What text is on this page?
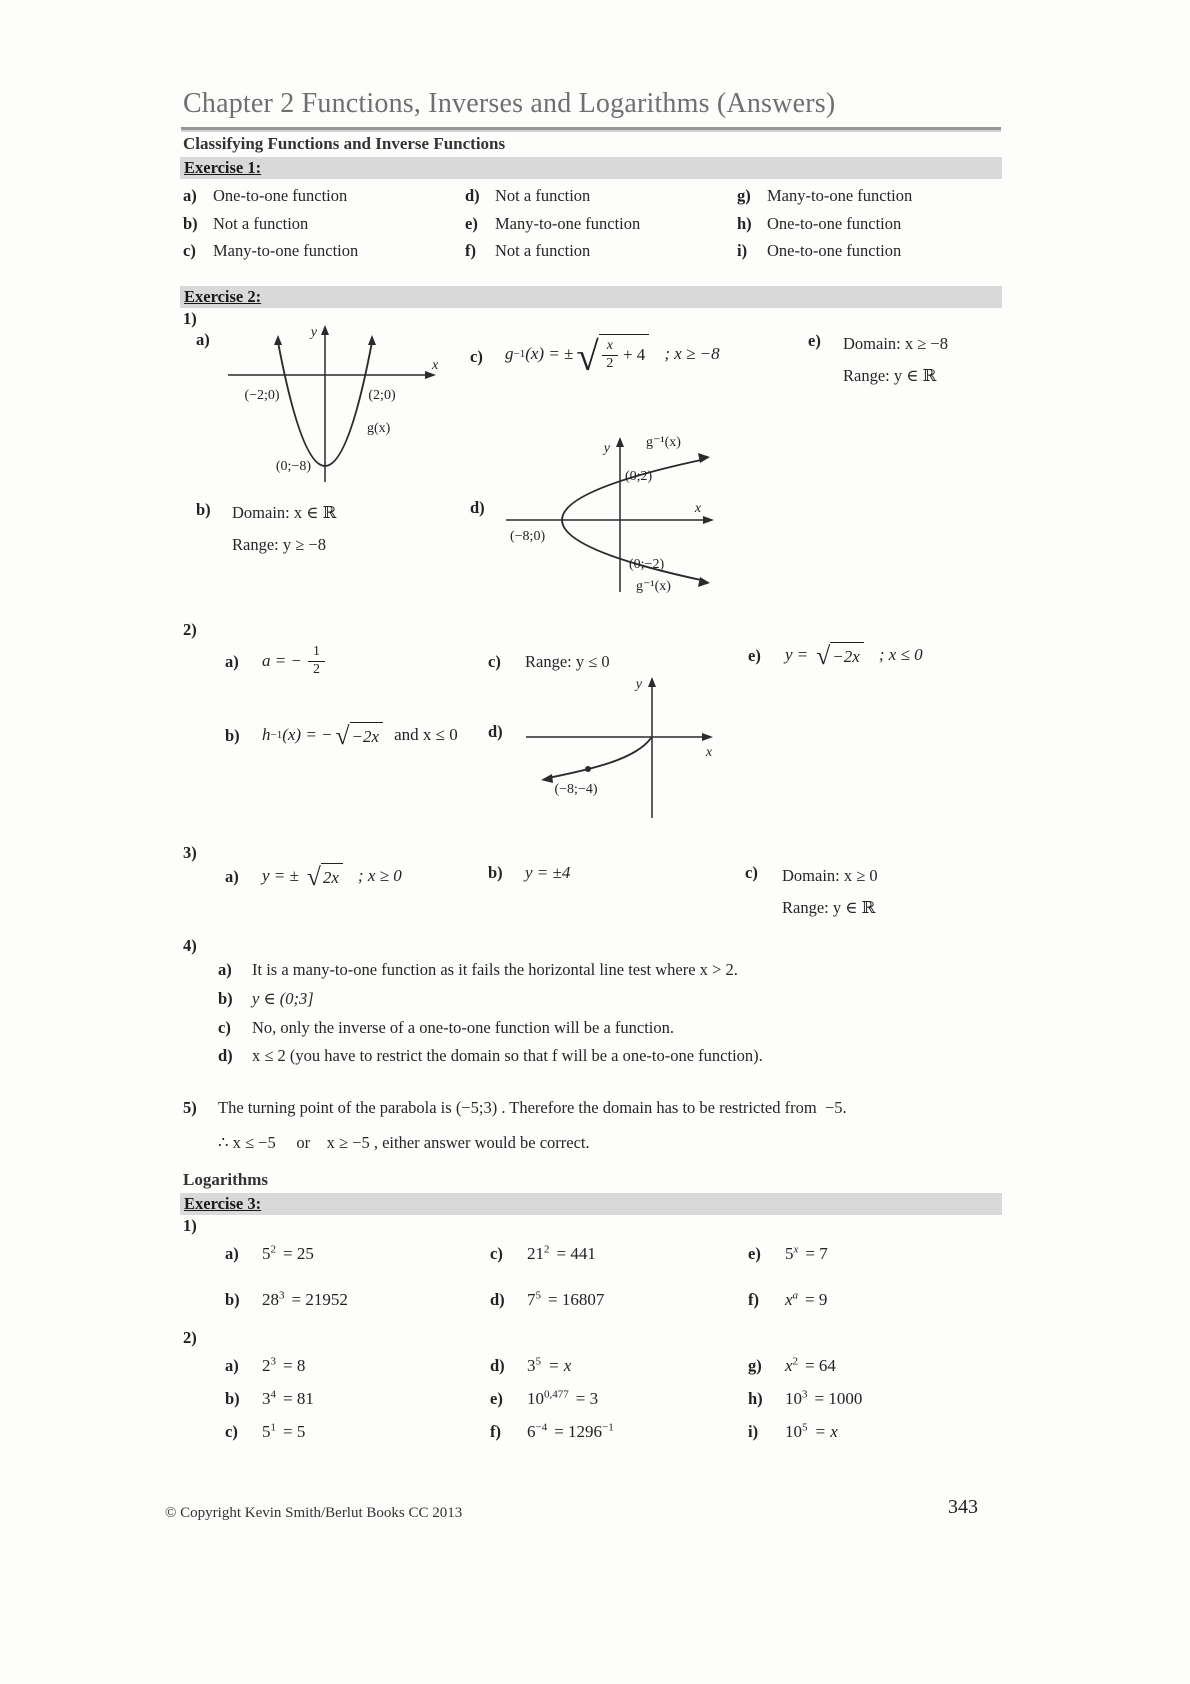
Chapter 2 Functions, Inverses and Logarithms (Answers)
Classifying Functions and Inverse Functions
Exercise 1:
a) One-to-one function
b) Not a function
c) Many-to-one function
d) Not a function
e) Many-to-one function
f) Not a function
g) Many-to-one function
h) One-to-one function
i) One-to-one function
Exercise 2:
1)
a)	y
x
(−2;0)	(2;0)
g(x)
(0;−8)
c) g −1 (x) = ± √ $\frac{x}{2} + 4$ ; x ≥ −8
e) Domain: x ≥ −8
Range: y ∈ ℝ
b) Domain: x ∈ ℝ
Range: y ≥ −8
d)
g⁻¹(x)
y
(0;2)
x
(−8;0)
(0;−2)
g⁻¹(x)
2)
a) a = − $\frac{1}{2}$	c) Range: y ≤ 0	e) y = √ −2x ; x ≤ 0
b) h −1 (x) = − √ −2x and x ≤ 0 d)
y
x
(−8;−4)
3)
a) y = ± √ 2x ; x ≥ 0	b) y = ±4	c) Domain: x ≥ 0
Range: y ∈ ℝ
4)
a) It is a many-to-one function as it fails the horizontal line test where x > 2.
b) y ∈ (0;3]
c) No, only the inverse of a one-to-one function will be a function.
d) x ≤ 2 (you have to restrict the domain so that f will be a one-to-one function).
5) The turning point of the parabola is (−5;3) . Therefore the domain has to be restricted from  −5.
∴ x ≤ −5     or    x ≥ −5 , either answer would be correct.
Logarithms
Exercise 3:
1)
a)	$5^2 = 25$
b)	$28^3 = 21952$
c)	$21^2 = 441$
d)	$7^5 = 16807$
e)	$5^x = 7$
f)	$x^a = 9$
2)
a)	$2^3 = 8$
b)	$3^4 = 81$
c)	$5^1 = 5$
d)	$3^5 = x$
e)	$10^{0,477} = 3$
f)	$6^{-4} = 1296^{-1}$
g)	$x^2 = 64$
h)	$10^3 = 1000$
i)	$10^5 = x$
© Copyright Kevin Smith/Berlut Books CC 2013	343
